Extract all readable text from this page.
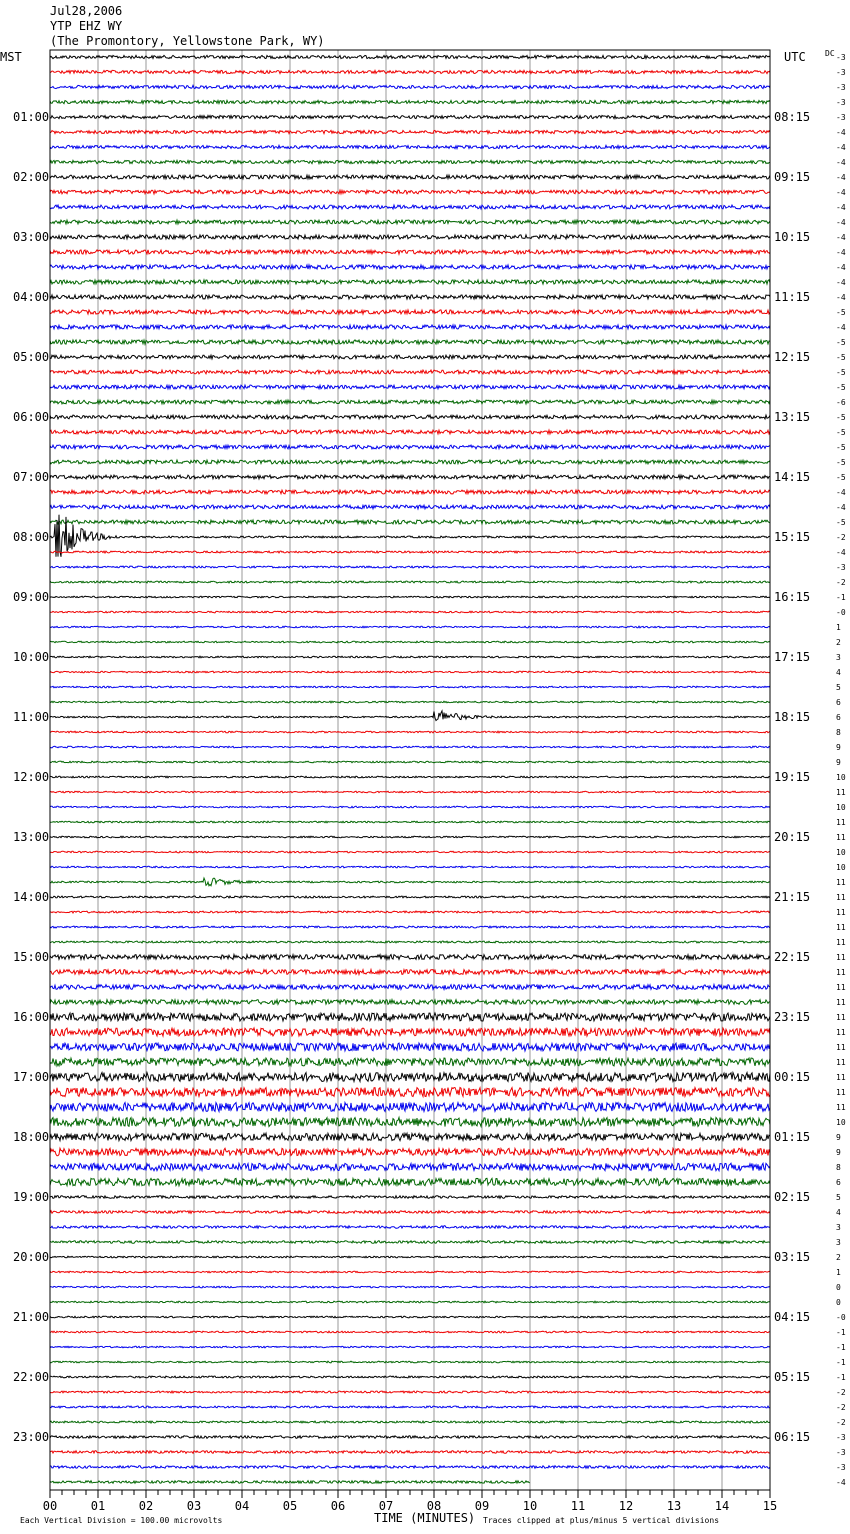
Jul28,2006
YTP EHZ WY
(The Promontory, Yellowstone Park, WY)
MST	UTC DC -3
-3
-3
-3
-3
-4
-4
-4
-4
-4
-4
-4
-4
-4
-4
-4
-4
-5
-4
-5
-5
-5
-5
-6
-5
-5
-5
-5
-5
-4
-4
-5
-2
-4
-3
-2
-1
-0
1
2
3
4
5
6
6
8
9
9
10
11
10
11
11
10
10
11
11
11
11
11
11
11
11
11
11
11
11
11
11
11
11
10
9
9
8
6
5
4
3
3
2
1
0
0
-0
-1
-1
-1
-1
-2
-2
-2
-3
-3
-3
-4
01:00	08:15
02:00	09:15
03:00	10:15
04:00	11:15
05:00	12:15
06:00	13:15
07:00	14:15
08:00	15:15
09:00	16:15
10:00	17:15
11:00	18:15
12:00	19:15
13:00	20:15
14:00	21:15
15:00	22:15
16:00	23:15
17:00	00:15
18:00	01:15
19:00	02:15
20:00	03:15
21:00	04:15
22:00	05:15
23:00	06:15
00	01	02	03	04	05	06	07	08	09	10	11	12	13	14	15
TIME (MINUTES)
Each Vertical Division = 100.00 microvolts	Traces clipped at plus/minus 5 vertical divisions
